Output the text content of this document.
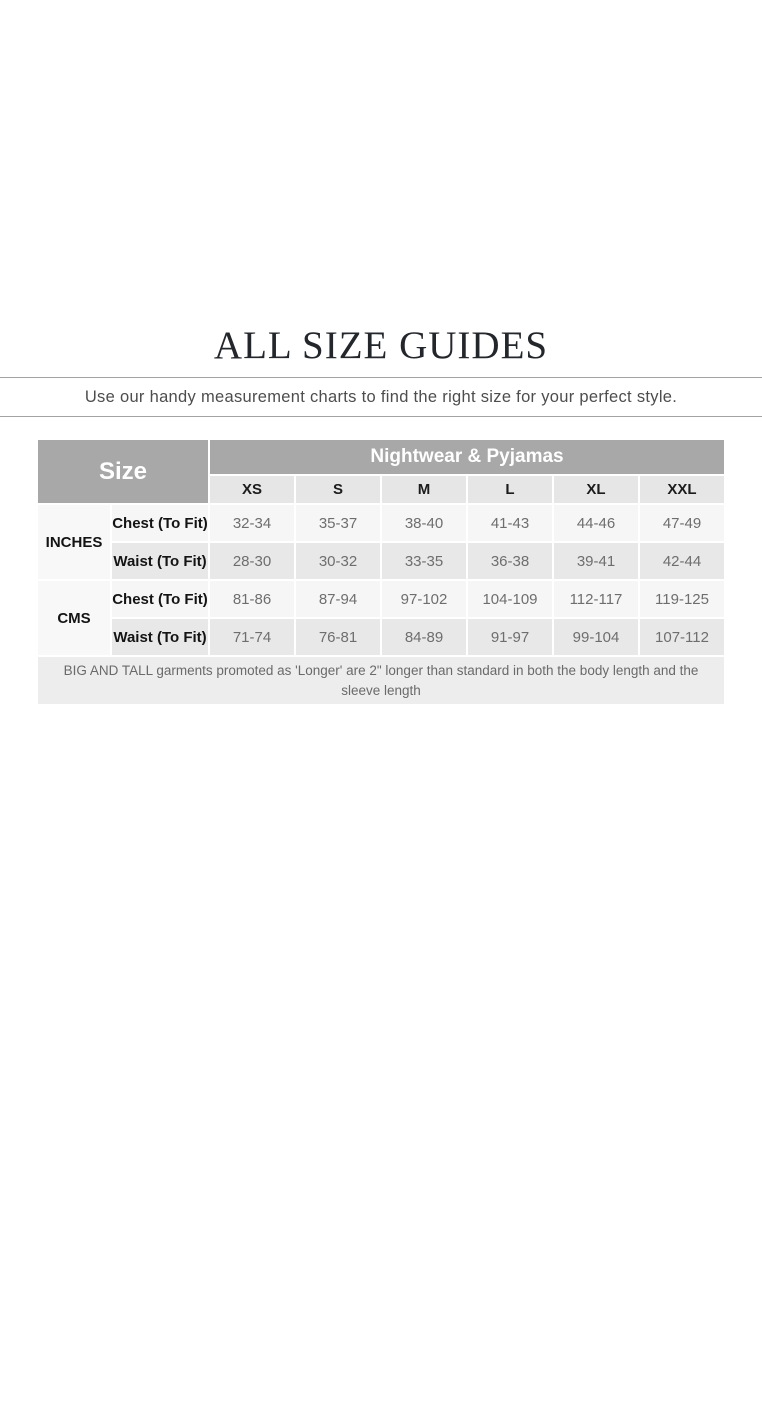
ALL SIZE GUIDES

Use our handy measurement charts to find the right size for your perfect style.

Size
Nightwear & Pyjamas
XS	S	M	L	XL	XXL
INCHES
Chest (To Fit)	32-34	35-37	38-40	41-43	44-46	47-49
Waist (To Fit)	28-30	30-32	33-35	36-38	39-41	42-44
CMS
Chest (To Fit)	81-86	87-94	97-102	104-109	112-117	119-125
Waist (To Fit)	71-74	76-81	84-89	91-97	99-104	107-112
BIG AND TALL garments promoted as 'Longer' are 2" longer than standard in both the body length and the sleeve length
